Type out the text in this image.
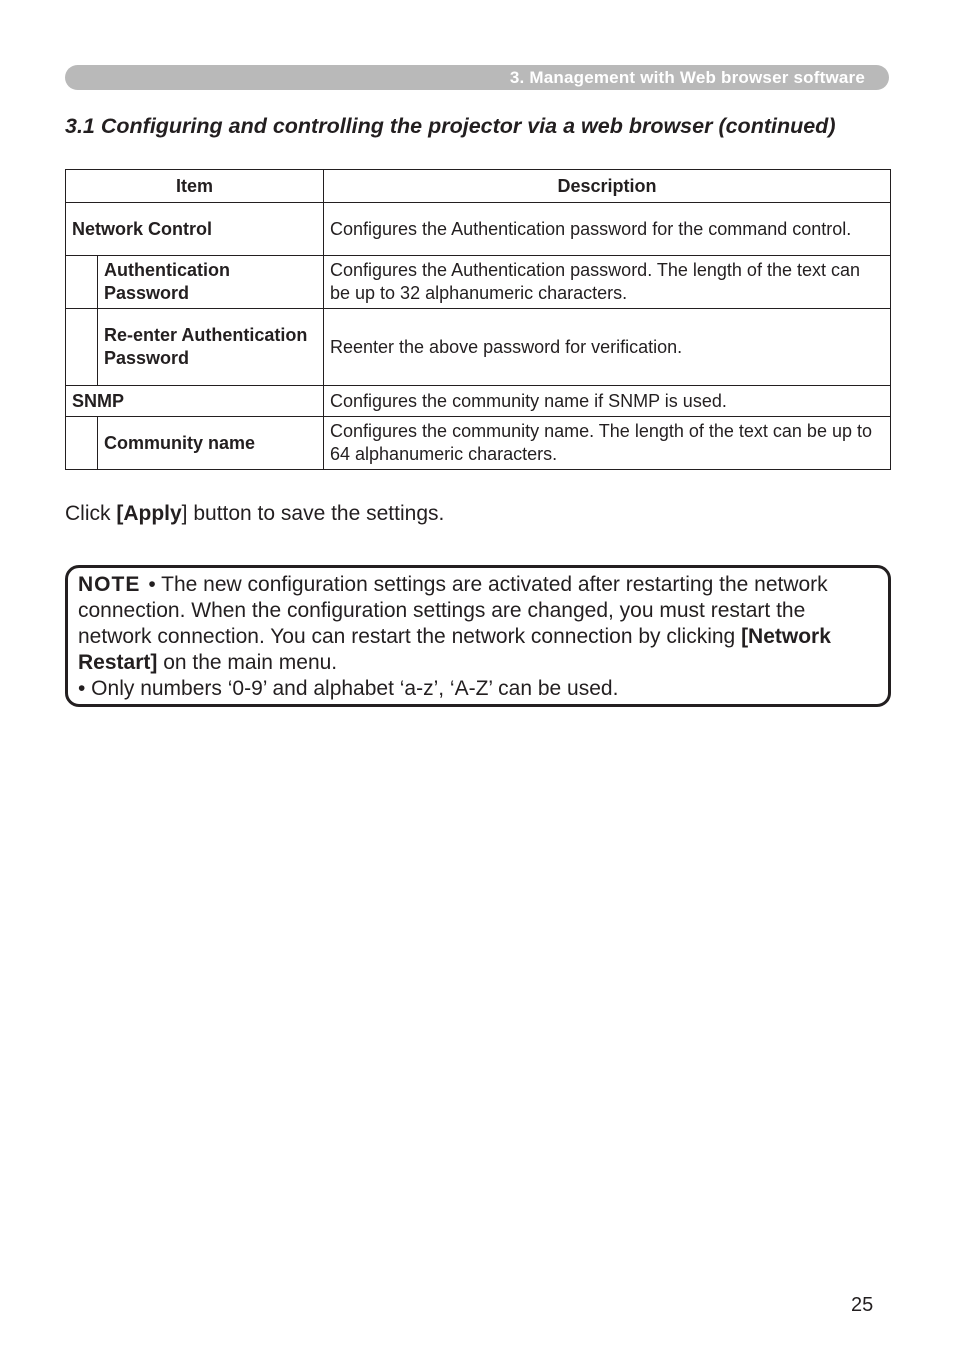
3. Management with Web browser software
3.1 Configuring and controlling the projector via a web browser (continued)
Item		Description
Network Control		Configures the Authentication password for the command control.
	Authentication Password	Configures the Authentication password. The length of the text can be up to 32 alphanumeric characters.
	Re-enter Authentication Password	Reenter the above password for verification.
SNMP		Configures the community name if SNMP is used.
	Community name	Configures the community name. The length of the text can be up to 64 alphanumeric characters.
Click [Apply] button to save the settings.
NOTE • The new configuration settings are activated after restarting the network connection. When the configuration settings are changed, you must restart the network connection. You can restart the network connection by clicking [Network Restart] on the main menu.
• Only numbers ‘0-9’ and alphabet ‘a-z’, ‘A-Z’ can be used.
25
